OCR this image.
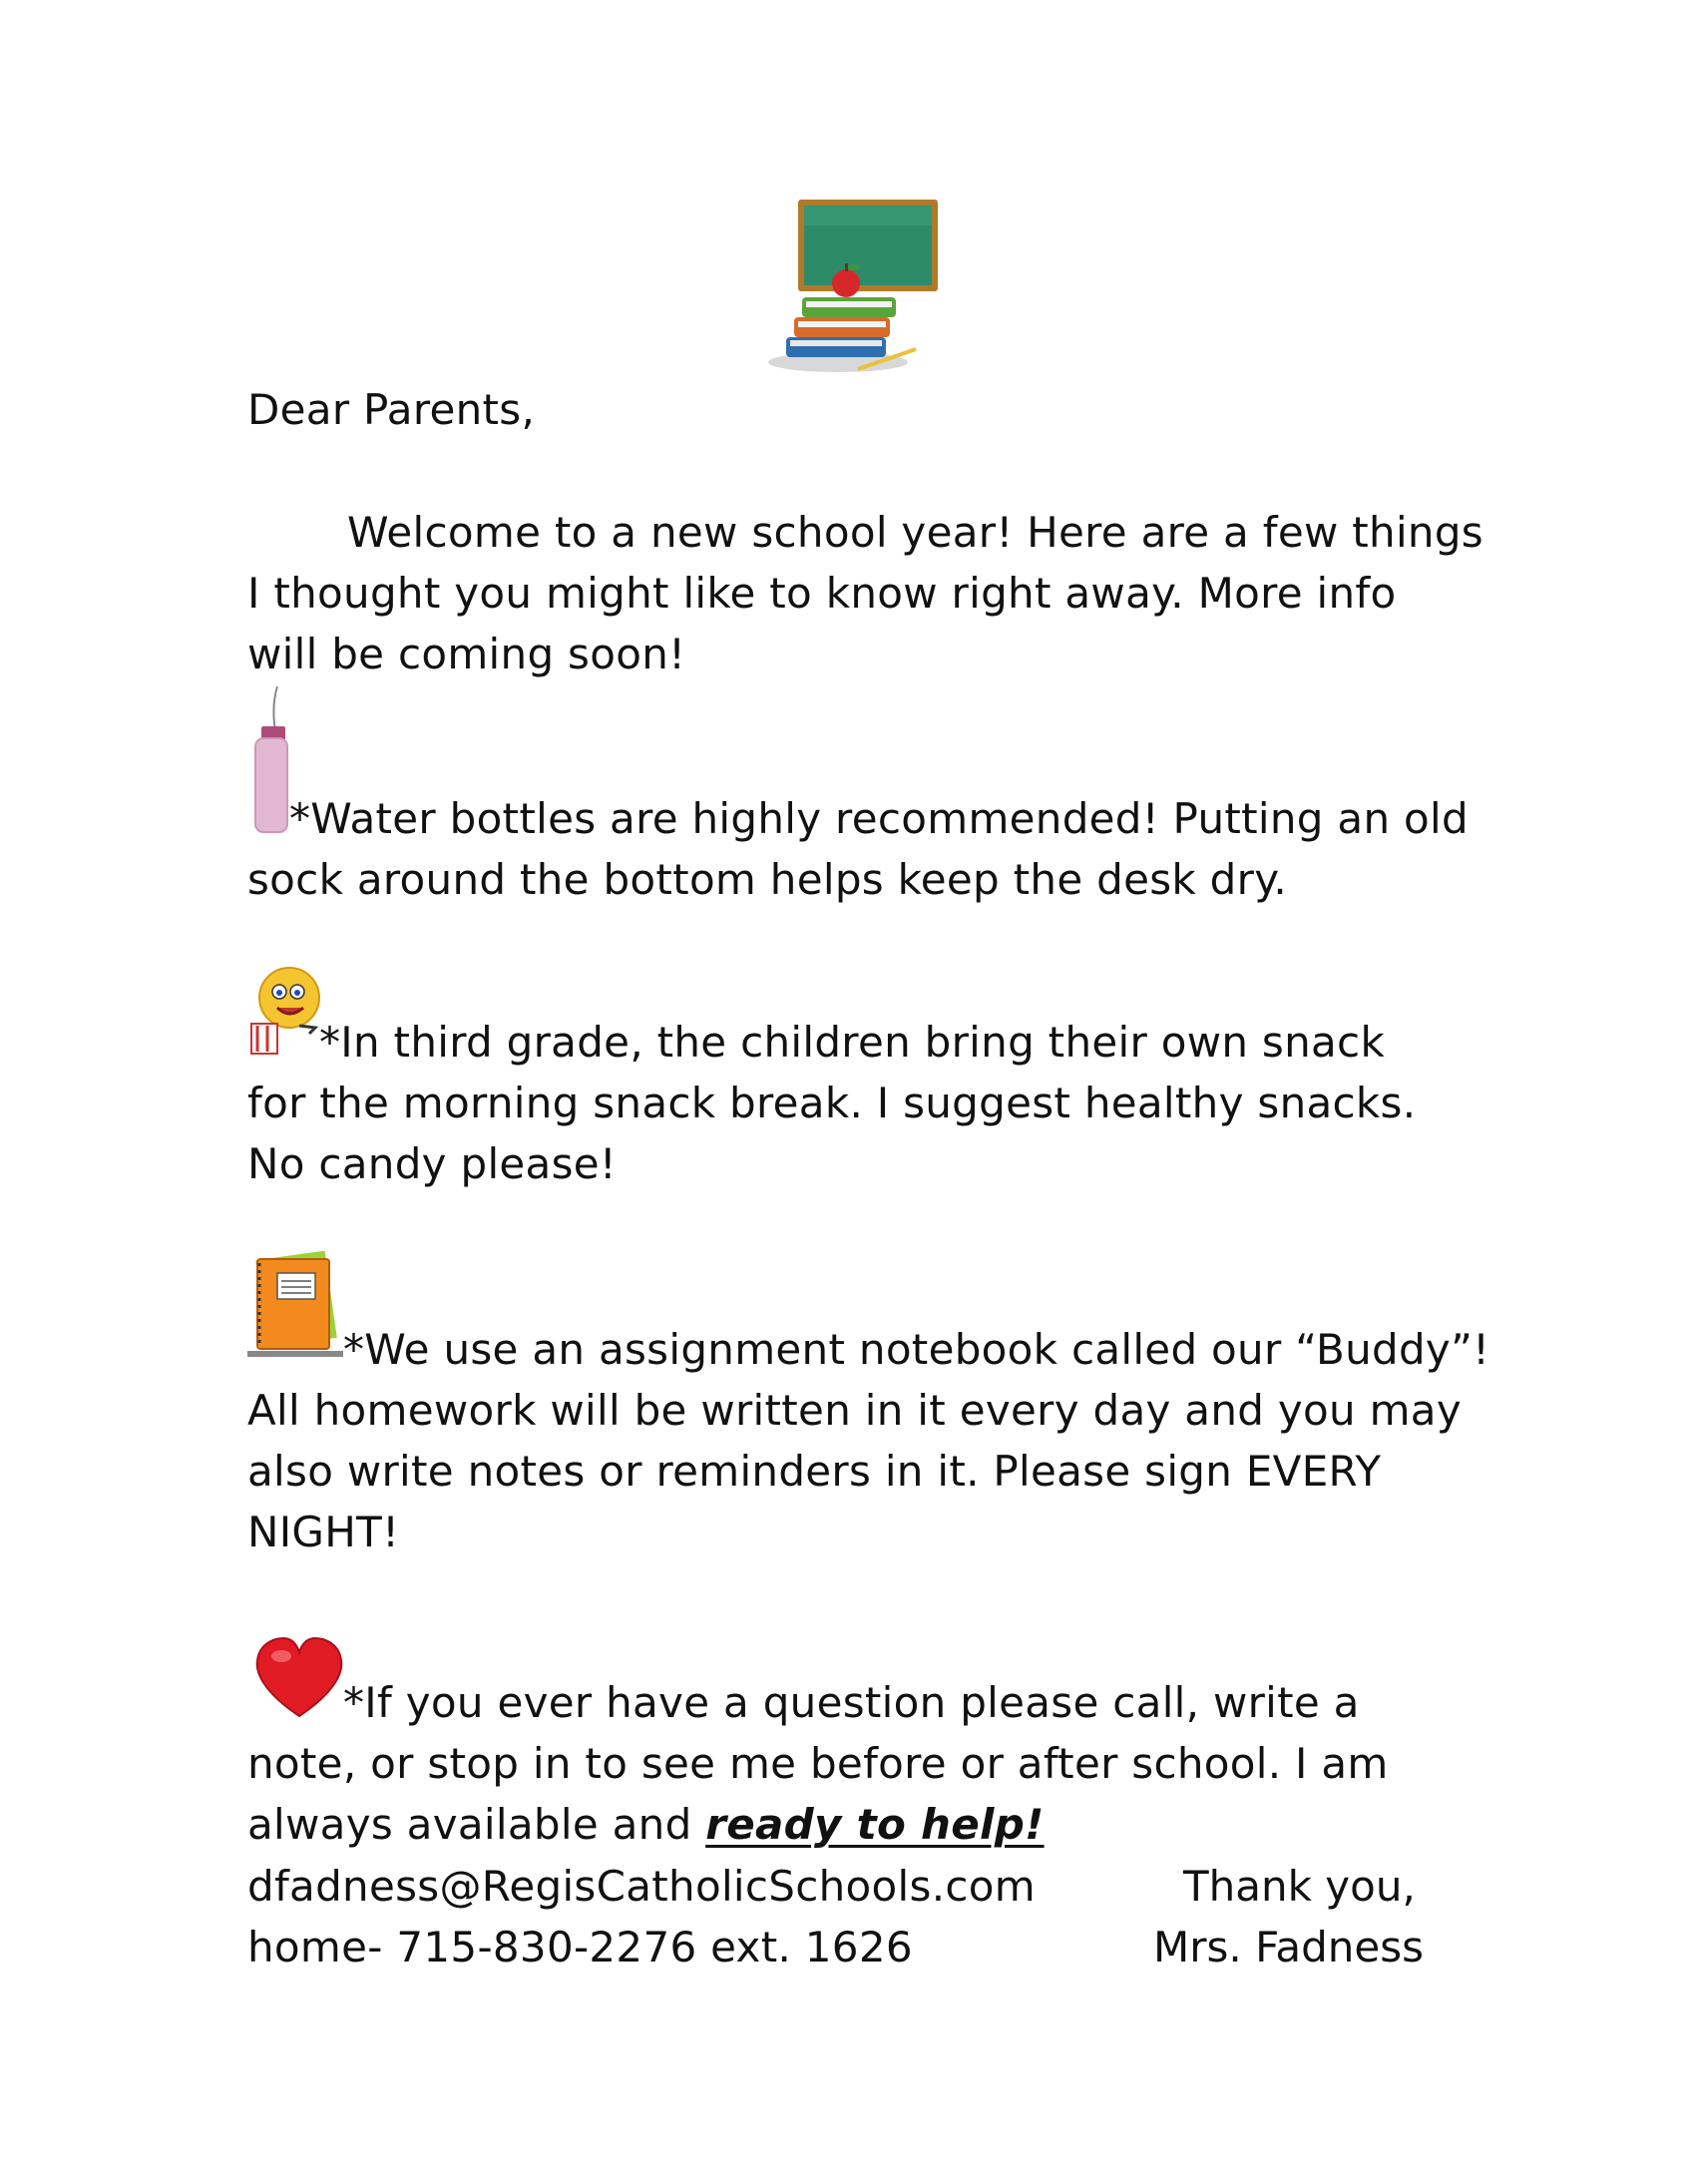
Dear Parents,
Welcome to a new school year! Here are a few things
I thought you might like to know right away. More info
will be coming soon!
*Water bottles are highly recommended! Putting an old
sock around the bottom helps keep the desk dry.
*In third grade, the children bring their own snack
for the morning snack break. I suggest healthy snacks.
No candy please!
*We use an assignment notebook called our “Buddy”!
All homework will be written in it every day and you may
also write notes or reminders in it. Please sign EVERY
NIGHT!
*If you ever have a question please call, write a
note, or stop in to see me before or after school. I am
always available and ready to help!
dfadness@RegisCatholicSchools.com
home- 715-830-2276 ext. 1626
Thank you,
Mrs. Fadness
